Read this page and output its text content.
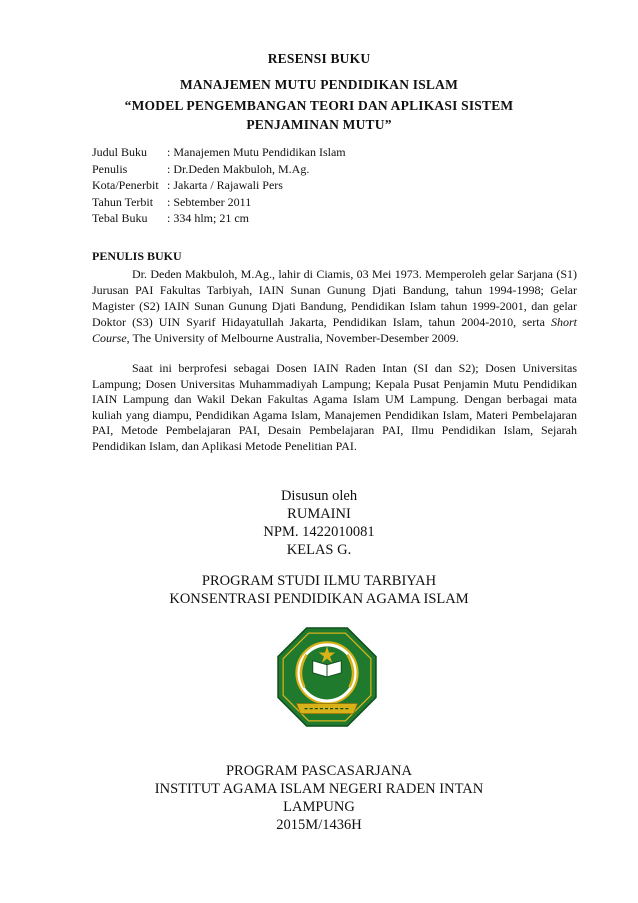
RESENSI BUKU
MANAJEMEN MUTU PENDIDIKAN ISLAM
“MODEL PENGEMBANGAN TEORI DAN APLIKASI SISTEM
PENJAMINAN MUTU”
Judul Buku	: Manajemen Mutu Pendidikan Islam
Penulis	: Dr.Deden Makbuloh, M.Ag.
Kota/Penerbit : Jakarta / Rajawali Pers
Tahun Terbit	: Sebtember 2011
Tebal Buku	: 334 hlm; 21 cm
PENULIS BUKU
Dr. Deden Makbuloh, M.Ag., lahir di Ciamis, 03 Mei 1973. Memperoleh gelar Sarjana (S1) Jurusan PAI Fakultas Tarbiyah, IAIN Sunan Gunung Djati Bandung, tahun 1994-1998; Gelar Magister (S2) IAIN Sunan Gunung Djati Bandung, Pendidikan Islam tahun 1999-2001, dan gelar Doktor (S3) UIN Syarif Hidayatullah Jakarta, Pendidikan Islam, tahun 2004-2010, serta Short Course, The University of Melbourne Australia, November-Desember 2009.
Saat ini berprofesi sebagai Dosen IAIN Raden Intan (SI dan S2); Dosen Universitas Lampung; Dosen Universitas Muhammadiyah Lampung; Kepala Pusat Penjamin Mutu Pendidikan IAIN Lampung dan Wakil Dekan Fakultas Agama Islam UM Lampung. Dengan berbagai mata kuliah yang diampu, Pendidikan Agama Islam, Manajemen Pendidikan Islam, Materi Pembelajaran PAI, Metode Pembelajaran PAI, Desain Pembelajaran PAI, Ilmu Pendidikan Islam, Sejarah Pendidikan Islam, dan Aplikasi Metode Penelitian PAI.
Disusun oleh
RUMAINI
NPM. 1422010081
KELAS G.
PROGRAM STUDI ILMU TARBIYAH
KONSENTRASI PENDIDIKAN AGAMA ISLAM
PROGRAM PASCASARJANA
INSTITUT AGAMA ISLAM NEGERI RADEN INTAN
LAMPUNG
2015M/1436H
